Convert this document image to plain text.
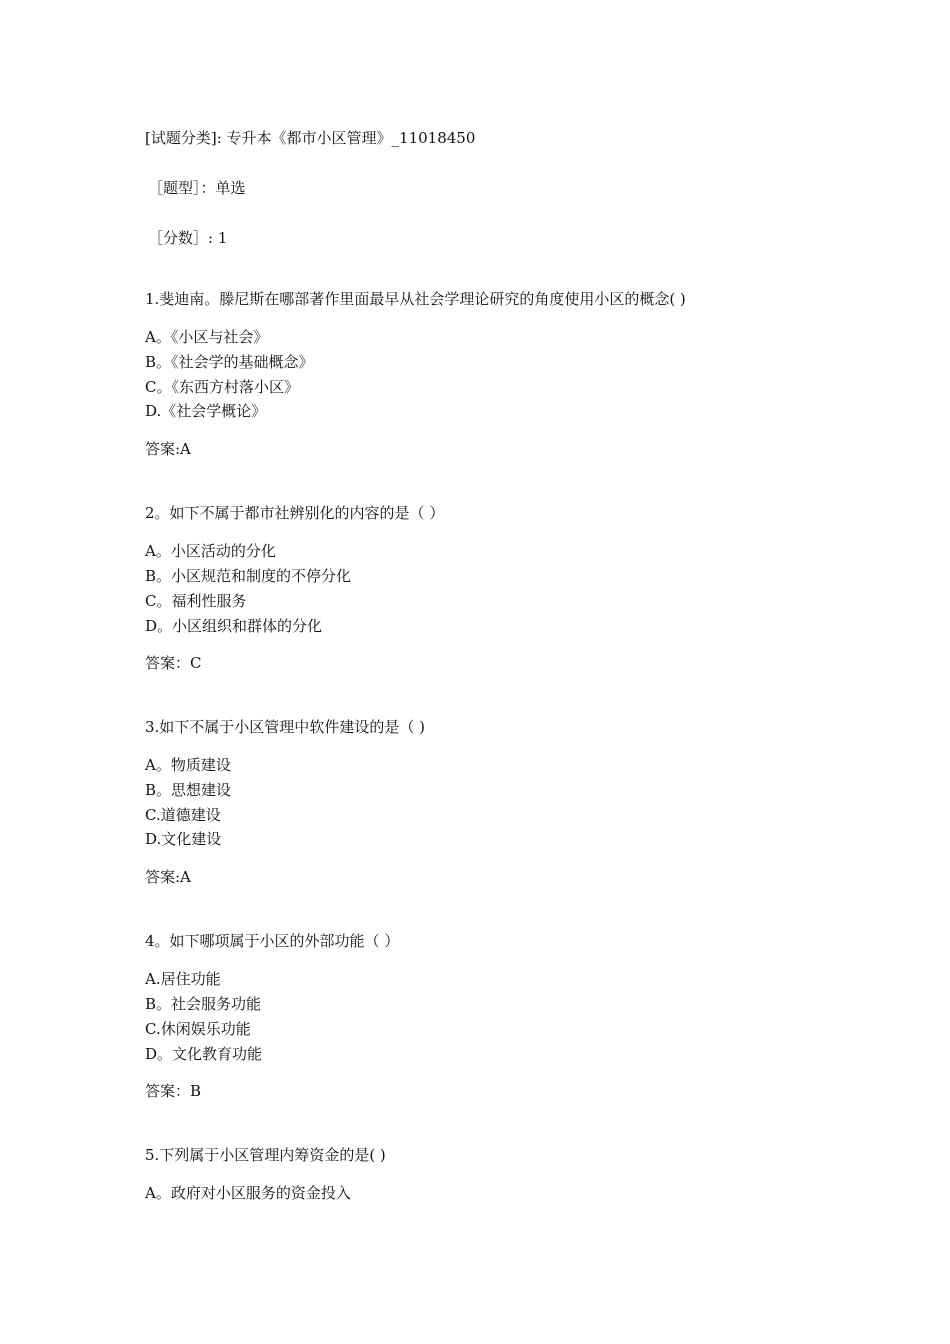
[试题分类]: 专升本《都市小区管理》_11018450
［题型］：单选
［分数］: 1
1.斐迪南。滕尼斯在哪部著作里面最早从社会学理论研究的角度使用小区的概念( )
A。《小区与社会》
B。《社会学的基础概念》
C。《东西方村落小区》
D.《社会学概论》
答案:A
2。如下不属于都市社辨别化的内容的是（ ）
A。小区活动的分化
B。小区规范和制度的不停分化
C。福利性服务
D。小区组织和群体的分化
答案：C
3.如下不属于小区管理中软件建设的是（ )
A。物质建设
B。思想建设
C.道德建设
D.文化建设
答案:A
4。如下哪项属于小区的外部功能（ ）
A.居住功能
B。社会服务功能
C.休闲娱乐功能
D。文化教育功能
答案：B
5.下列属于小区管理内筹资金的是( )
A。政府对小区服务的资金投入
